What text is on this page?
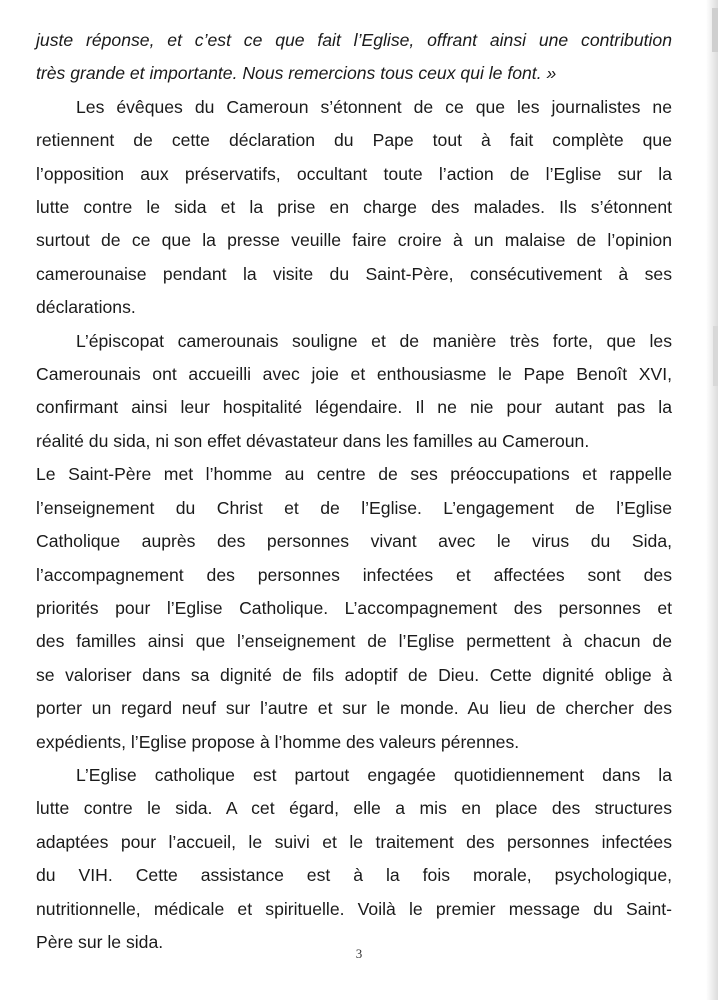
juste réponse, et c’est ce que fait l’Eglise, offrant ainsi une contribution
très grande et importante. Nous remercions tous ceux qui le font. »

Les évêques du Cameroun s’étonnent de ce que les journalistes ne
retiennent de cette déclaration du Pape tout à fait complète que
l’opposition aux préservatifs, occultant toute l’action de l’Eglise sur la
lutte contre le sida et la prise en charge des malades. Ils s’étonnent
surtout de ce que la presse veuille faire croire à un malaise de l’opinion
camerounaise pendant la visite du Saint-Père, consécutivement à ses
déclarations.

L’épiscopat camerounais souligne et de manière très forte, que les
Camerounais ont accueilli avec joie et enthousiasme le Pape Benoît XVI,
confirmant ainsi leur hospitalité légendaire. Il ne nie pour autant pas la
réalité du sida, ni son effet dévastateur dans les familles au Cameroun.

Le Saint-Père met l’homme au centre de ses préoccupations et rappelle
l’enseignement du Christ et de l’Eglise. L’engagement de l’Eglise
Catholique auprès des personnes vivant avec le virus du Sida,
l’accompagnement des personnes infectées et affectées sont des
priorités pour l’Eglise Catholique. L’accompagnement des personnes et
des familles ainsi que l’enseignement de l’Eglise permettent à chacun de
se valoriser dans sa dignité de fils adoptif de Dieu. Cette dignité oblige à
porter un regard neuf sur l’autre et sur le monde. Au lieu de chercher des
expédients, l’Eglise propose à l’homme des valeurs pérennes.

L’Eglise catholique est partout engagée quotidiennement dans la
lutte contre le sida. A cet égard, elle a mis en place des structures
adaptées pour l’accueil, le suivi et le traitement des personnes infectées
du VIH. Cette assistance est à la fois morale, psychologique,
nutritionnelle, médicale et spirituelle. Voilà le premier message du Saint-
Père sur le sida.

3
